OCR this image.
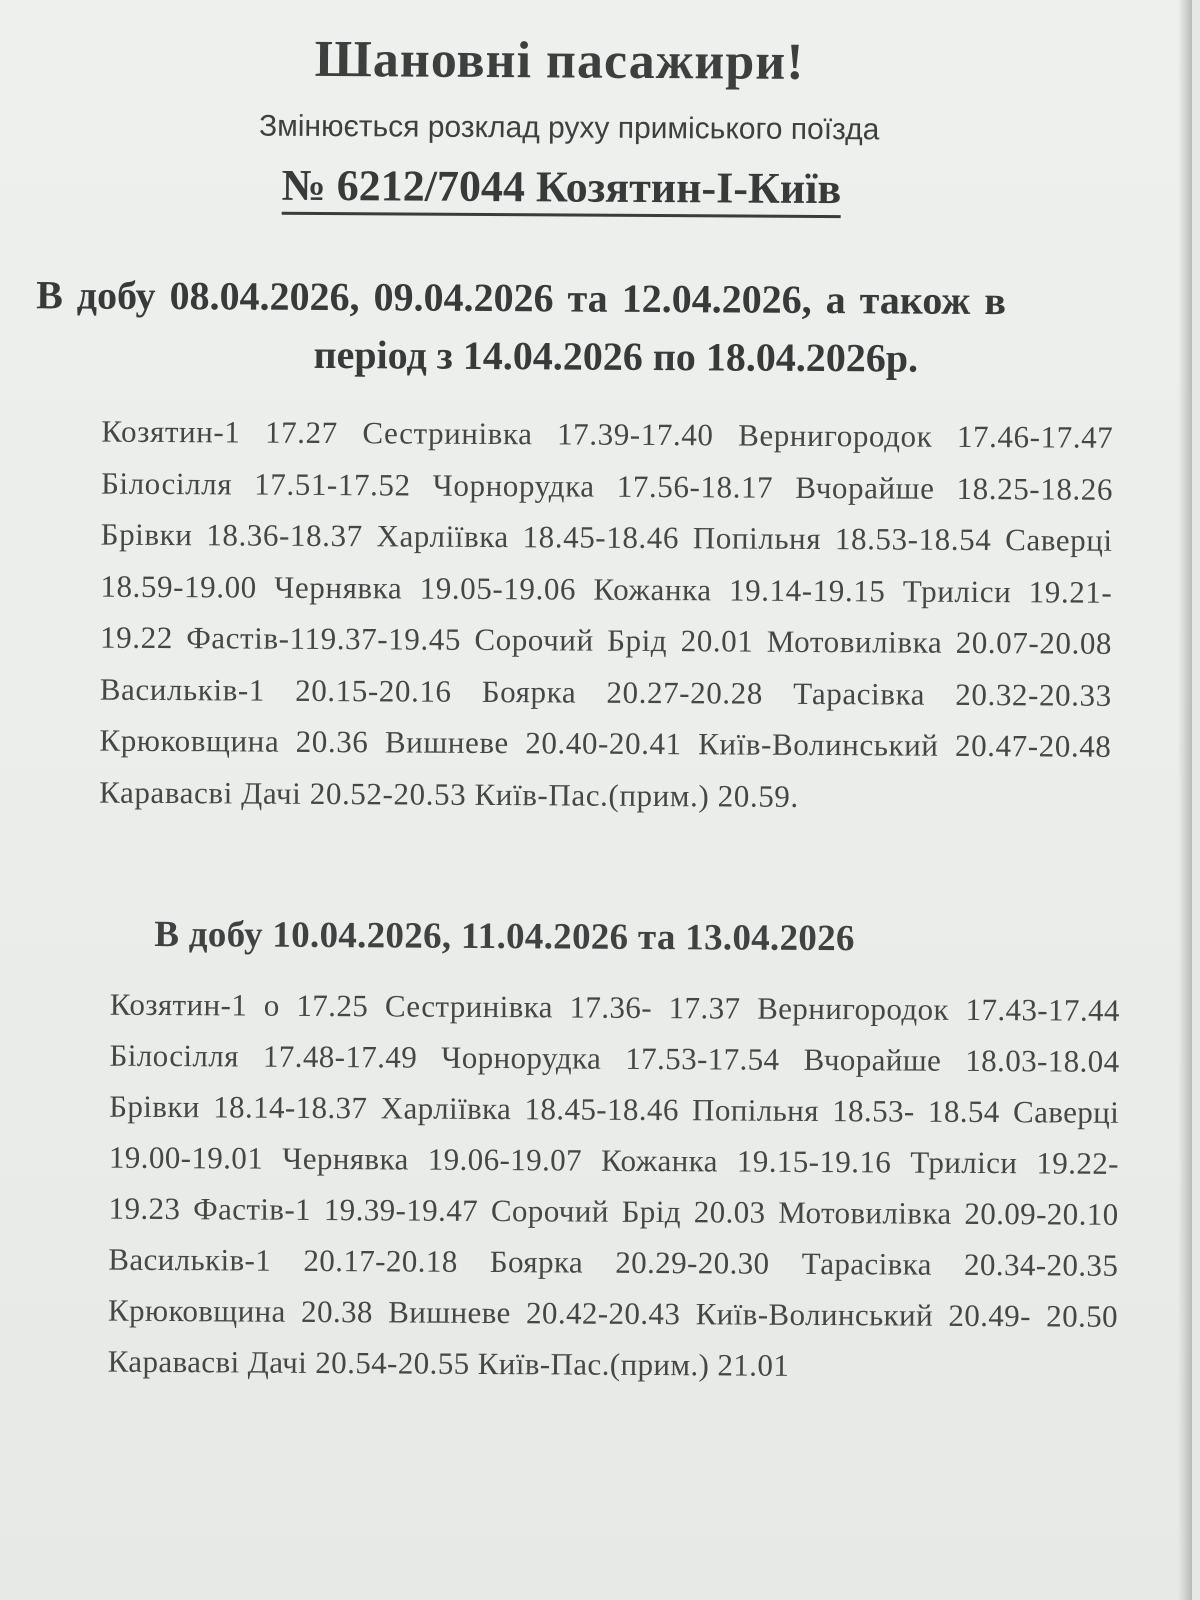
Шановні пасажири!
Змінюється розклад руху приміського поїзда
№ 6212/7044 Козятин-І-Київ
В добу 08.04.2026, 09.04.2026 та 12.04.2026, а також в
період з 14.04.2026 по 18.04.2026р.
Козятин-1 17.27 Сестринівка 17.39-17.40 Вернигородок 17.46-17.47 Білосілля 17.51-17.52 Чорнорудка 17.56-18.17 Вчорайше 18.25-18.26 Брівки 18.36-18.37 Харліївка 18.45-18.46 Попільня 18.53-18.54 Саверці 18.59-19.00 Чернявка 19.05-19.06 Кожанка 19.14-19.15 Триліси 19.21-19.22 Фастів-119.37-19.45 Сорочий Брід 20.01 Мотовилівка 20.07-20.08 Васильків-1 20.15-20.16 Боярка 20.27-20.28 Тарасівка 20.32-20.33 Крюковщина 20.36 Вишневе 20.40-20.41 Київ-Волинський 20.47-20.48 Каравасві Дачі 20.52-20.53 Київ-Пас.(прим.) 20.59.
В добу 10.04.2026, 11.04.2026 та 13.04.2026
Козятин-1 о 17.25 Сестринівка 17.36- 17.37 Вернигородок 17.43-17.44 Білосілля 17.48-17.49 Чорнорудка 17.53-17.54 Вчорайше 18.03-18.04 Брівки 18.14-18.37 Харліївка 18.45-18.46 Попільня 18.53- 18.54 Саверці 19.00-19.01 Чернявка 19.06-19.07 Кожанка 19.15-19.16 Триліси 19.22-19.23 Фастів-1 19.39-19.47 Сорочий Брід 20.03 Мотовилівка 20.09-20.10 Васильків-1 20.17-20.18 Боярка 20.29-20.30 Тарасівка 20.34-20.35 Крюковщина 20.38 Вишневе 20.42-20.43 Київ-Волинський 20.49- 20.50 Каравасві Дачі 20.54-20.55 Київ-Пас.(прим.) 21.01
